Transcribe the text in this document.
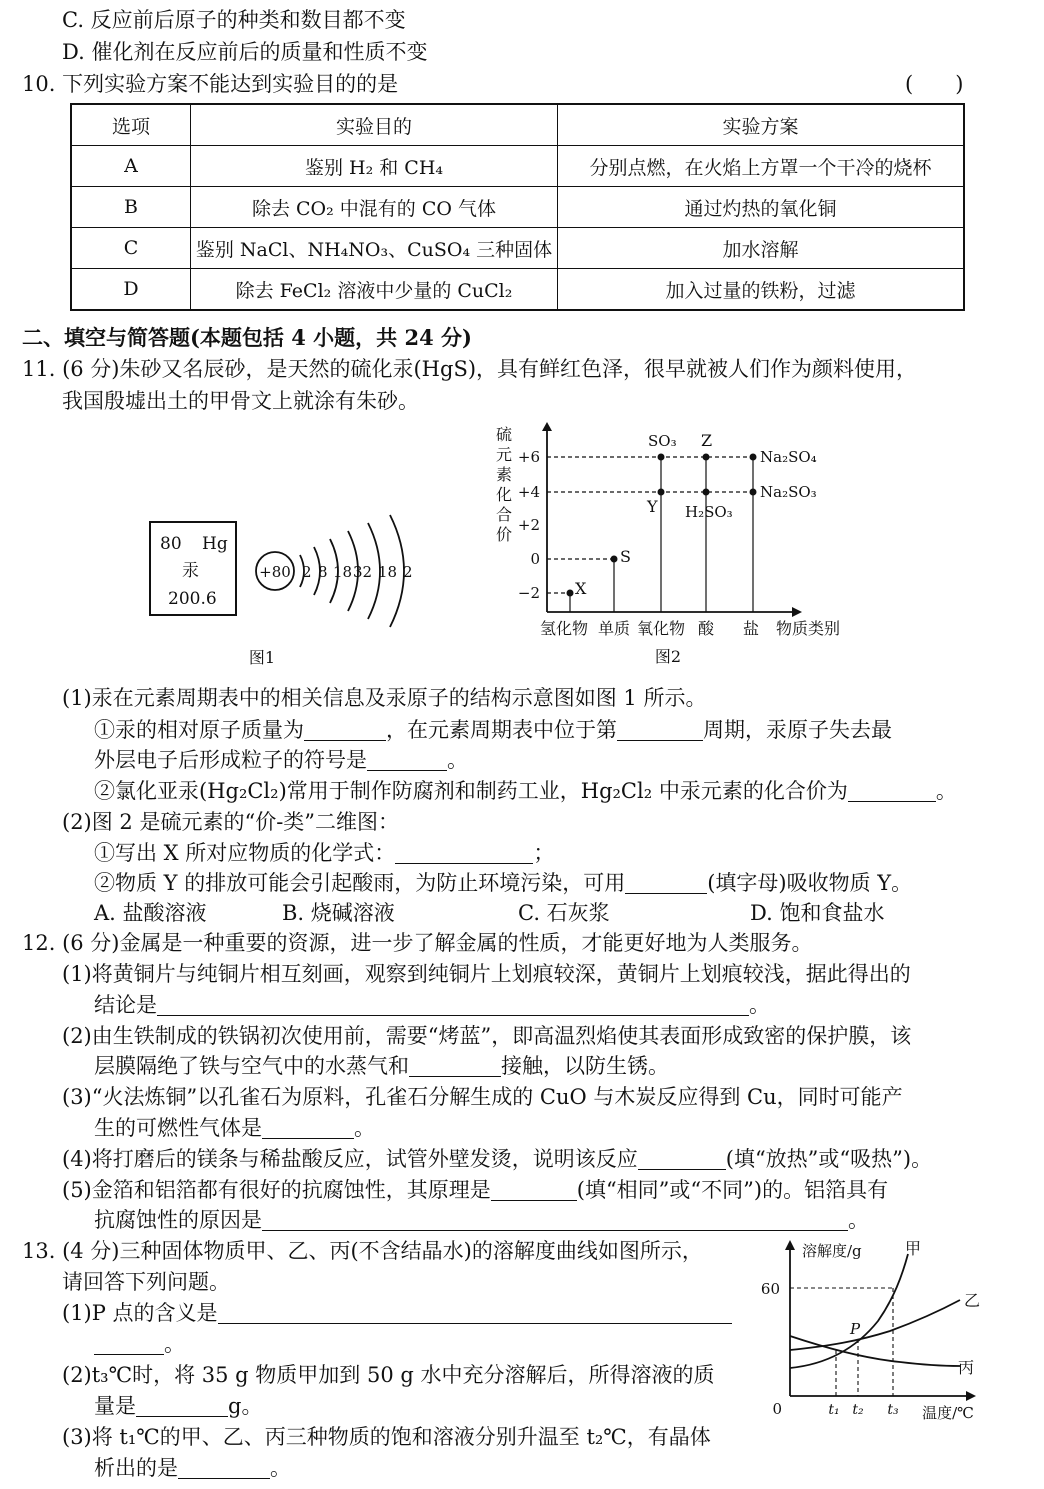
C. 反应前后原子的种类和数目都不变
D. 催化剂在反应前后的质量和性质不变
10. 下列实验方案不能达到实验目的的是	(　　)
选项	实验目的	实验方案
A	鉴别 H₂ 和 CH₄	分别点燃，在火焰上方罩一个干冷的烧杯
B	除去 CO₂ 中混有的 CO 气体	通过灼热的氧化铜
C	鉴别 NaCl、NH₄NO₃、CuSO₄ 三种固体	加水溶解
D	除去 FeCl₂ 溶液中少量的 CuCl₂	加入过量的铁粉，过滤
二、填空与简答题(本题包括 4 小题，共 24 分)
11. (6 分)朱砂又名辰砂，是天然的硫化汞(HgS)，具有鲜红色泽，很早就被人们作为颜料使用，
我国殷墟出土的甲骨文上就涂有朱砂。
80 Hg
汞
200.6
+80 2 8 18 32 18 2
图1
硫
元
素
化
合
价
+6
+4
+2
0
−2 X
S
SO₃
Y
Z
H₂SO₃
Na₂SO₄
Na₂SO₃
氢化物 单质 氧化物 酸 盐 物质类别
图2
(1)汞在元素周期表中的相关信息及汞原子的结构示意图如图 1 所示。
①汞的相对原子质量为	，在元素周期表中位于第	周期，汞原子失去最
外层电子后形成粒子的符号是	。
②氯化亚汞(Hg₂Cl₂)常用于制作防腐剂和制药工业，Hg₂Cl₂ 中汞元素的化合价为	。
(2)图 2 是硫元素的“价-类”二维图：
①写出 X 所对应物质的化学式：	；
②物质 Y 的排放可能会引起酸雨，为防止环境污染，可用	(填字母)吸收物质 Y。
A. 盐酸溶液	B. 烧碱溶液	C. 石灰浆	D. 饱和食盐水
12. (6 分)金属是一种重要的资源，进一步了解金属的性质，才能更好地为人类服务。
(1)将黄铜片与纯铜片相互刻画，观察到纯铜片上划痕较深，黄铜片上划痕较浅，据此得出的
结论是	。
(2)由生铁制成的铁锅初次使用前，需要“烤蓝”，即高温烈焰使其表面形成致密的保护膜，该
层膜隔绝了铁与空气中的水蒸气和	接触，以防生锈。
(3)“火法炼铜”以孔雀石为原料，孔雀石分解生成的 CuO 与木炭反应得到 Cu，同时可能产
生的可燃性气体是	。
(4)将打磨后的镁条与稀盐酸反应，试管外壁发烫，说明该反应	(填“放热”或“吸热”)。
(5)金箔和铝箔都有很好的抗腐蚀性，其原理是	(填“相同”或“不同”)的。铝箔具有
抗腐蚀性的原因是	。
13. (4 分)三种固体物质甲、乙、丙(不含结晶水)的溶解度曲线如图所示，
请回答下列问题。
(1)P 点的含义是
。
(2)t₃℃时，将 35 g 物质甲加到 50 g 水中充分溶解后，所得溶液的质
量是	g。
(3)将 t₁℃的甲、乙、丙三种物质的饱和溶液分别升温至 t₂℃，有晶体
析出的是	。
溶解度/g
60
0
甲
乙
丙
P
t₁ t₂ t₃ 温度/℃
